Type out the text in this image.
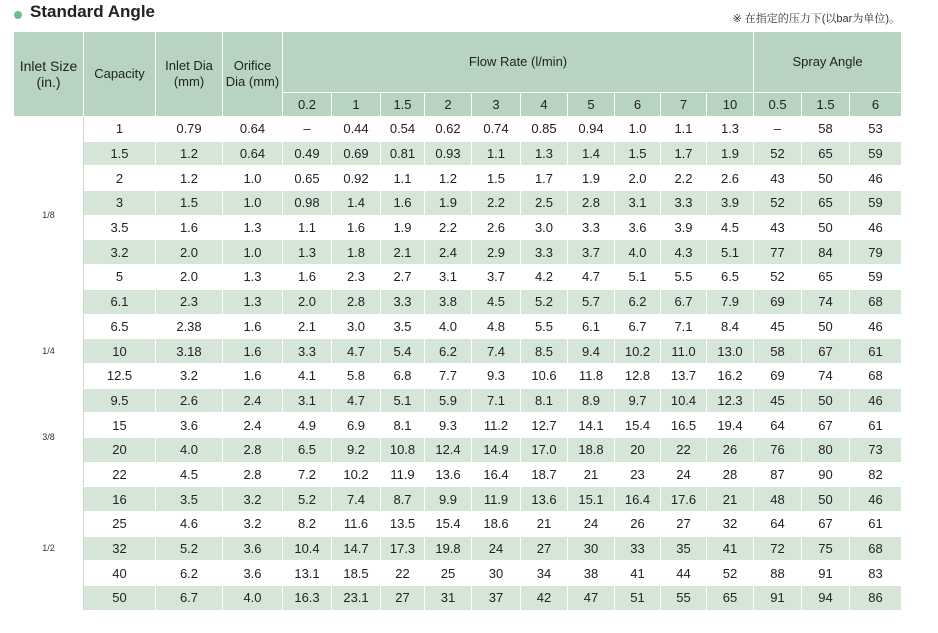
Standard Angle	※ 在指定的压力下(以bar为单位)。
Inlet Size (in.)	Capacity	Inlet Dia (mm)	Orifice Dia (mm)	Flow Rate (l/min)										Spray Angle		
				0.2	1	1.5	2	3	4	5	6	7	10	0.5	1.5	6
1/8	1	0.79	0.64	–	0.44	0.54	0.62	0.74	0.85	0.94	1.0	1.1	1.3	–	58	53
	1.5	1.2	0.64	0.49	0.69	0.81	0.93	1.1	1.3	1.4	1.5	1.7	1.9	52	65	59
	2	1.2	1.0	0.65	0.92	1.1	1.2	1.5	1.7	1.9	2.0	2.2	2.6	43	50	46
	3	1.5	1.0	0.98	1.4	1.6	1.9	2.2	2.5	2.8	3.1	3.3	3.9	52	65	59
	3.5	1.6	1.3	1.1	1.6	1.9	2.2	2.6	3.0	3.3	3.6	3.9	4.5	43	50	46
	3.2	2.0	1.0	1.3	1.8	2.1	2.4	2.9	3.3	3.7	4.0	4.3	5.1	77	84	79
	5	2.0	1.3	1.6	2.3	2.7	3.1	3.7	4.2	4.7	5.1	5.5	6.5	52	65	59
	6.1	2.3	1.3	2.0	2.8	3.3	3.8	4.5	5.2	5.7	6.2	6.7	7.9	69	74	68
1/4	6.5	2.38	1.6	2.1	3.0	3.5	4.0	4.8	5.5	6.1	6.7	7.1	8.4	45	50	46
	10	3.18	1.6	3.3	4.7	5.4	6.2	7.4	8.5	9.4	10.2	11.0	13.0	58	67	61
	12.5	3.2	1.6	4.1	5.8	6.8	7.7	9.3	10.6	11.8	12.8	13.7	16.2	69	74	68
3/8	9.5	2.6	2.4	3.1	4.7	5.1	5.9	7.1	8.1	8.9	9.7	10.4	12.3	45	50	46
	15	3.6	2.4	4.9	6.9	8.1	9.3	11.2	12.7	14.1	15.4	16.5	19.4	64	67	61
	20	4.0	2.8	6.5	9.2	10.8	12.4	14.9	17.0	18.8	20	22	26	76	80	73
	22	4.5	2.8	7.2	10.2	11.9	13.6	16.4	18.7	21	23	24	28	87	90	82
1/2	16	3.5	3.2	5.2	7.4	8.7	9.9	11.9	13.6	15.1	16.4	17.6	21	48	50	46
	25	4.6	3.2	8.2	11.6	13.5	15.4	18.6	21	24	26	27	32	64	67	61
	32	5.2	3.6	10.4	14.7	17.3	19.8	24	27	30	33	35	41	72	75	68
	40	6.2	3.6	13.1	18.5	22	25	30	34	38	41	44	52	88	91	83
	50	6.7	4.0	16.3	23.1	27	31	37	42	47	51	55	65	91	94	86
